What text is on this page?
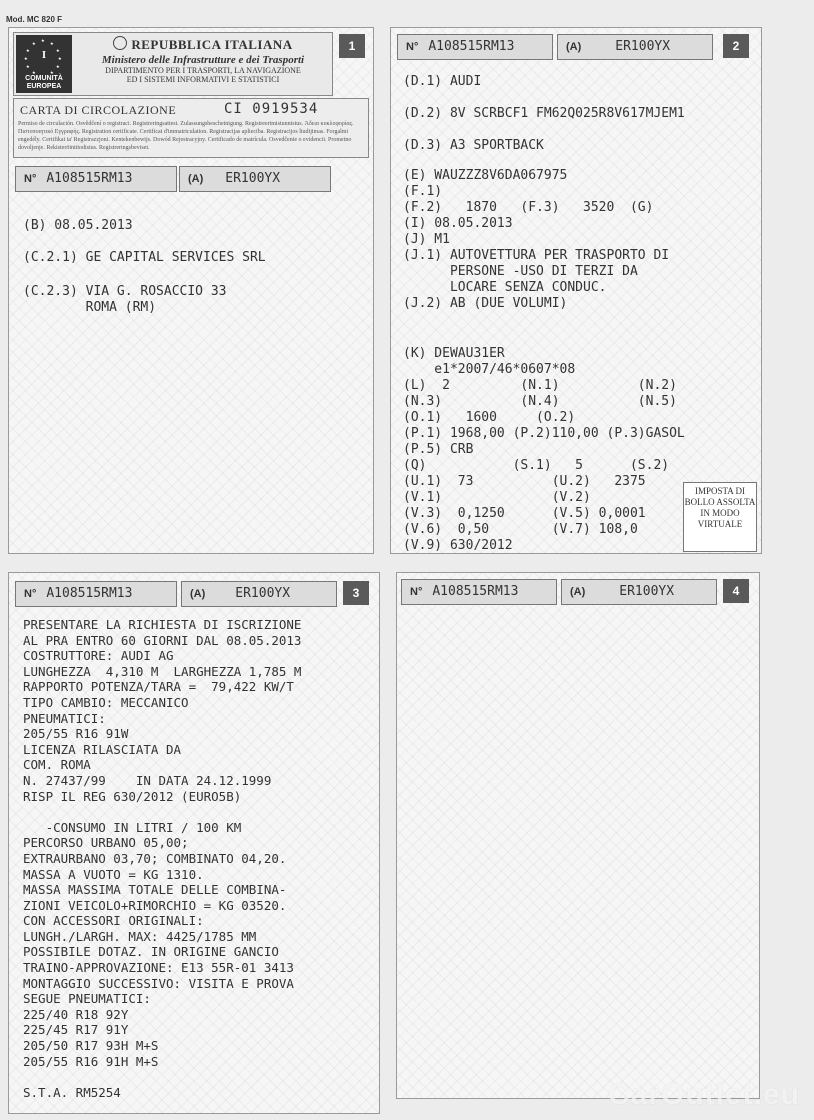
Mod. MC 820 F
★ ★
★
★
★
★
★
★
★
★
★
I
COMUNITÀ EUROPEA
REPUBBLICA ITALIANA
Ministero delle Infrastrutture e dei Trasporti
DIPARTIMENTO PER I TRASPORTI, LA NAVIGAZIONE
ED I SISTEMI INFORMATIVI E STATISTICI
1
CARTA DI CIRCOLAZIONE	CI 0919534
Permiso de circulación. Osvědčení o registraci. Registreringsattest. Zulassungsbescheinigung. Registreerimistunnistus. Άδεια κυκλοφορίας. Πιστοποιητικό Εγγραφής. Registration certificate. Certificat d'immatriculation. Registracijas apliecība. Registracijos liudijimas. Forgalmi engedély. Certifikat ta' Registrazzjoni. Kentekenbewijs. Dowód Rejestracyjny. Certificado de matrícula. Osvedčenie o evidencii. Prometno dovoljenje. Rekisteröintitodistus. Registreringsbeviset.
N° A108515RM13	(A) ER100YX
(B) 08.05.2013
(C.2.1) GE CAPITAL SERVICES SRL
(C.2.3) VIA G. ROSACCIO 33
ROMA (RM)
N° A108515RM13	(A)	ER100YX	2
(D.1) AUDI
(D.2) 8V SCRBCF1 FM62Q025R8V617MJEM1
(D.3) A3 SPORTBACK
(E) WAUZZZ8V6DA067975
(F.1)
(F.2)   1870   (F.3)   3520  (G)
(I) 08.05.2013
(J) M1
(J.1) AUTOVETTURA PER TRASPORTO DI
PERSONE -USO DI TERZI DA
LOCARE SENZA CONDUC.
(J.2) AB (DUE VOLUMI)
(K) DEWAU31ER
e1*2007/46*0607*08
(L)  2         (N.1)          (N.2)
(N.3)          (N.4)          (N.5)
(O.1)   1600     (O.2)
(P.1) 1968,00 (P.2)110,00 (P.3)GASOL
(P.5) CRB
(Q)           (S.1)   5      (S.2)
(U.1)  73          (U.2)   2375
(V.1)              (V.2)
(V.3)  0,1250      (V.5) 0,0001
(V.6)  0,50        (V.7) 108,0
(V.9) 630/2012
IMPOSTA DI BOLLO ASSOLTA IN MODO VIRTUALE
N° A108515RM13	(A) ER100YX	3
PRESENTARE LA RICHIESTA DI ISCRIZIONE
AL PRA ENTRO 60 GIORNI DAL 08.05.2013
COSTRUTTORE: AUDI AG
LUNGHEZZA  4,310 M  LARGHEZZA 1,785 M
RAPPORTO POTENZA/TARA =  79,422 KW/T
TIPO CAMBIO: MECCANICO
PNEUMATICI:
205/55 R16 91W
LICENZA RILASCIATA DA
COM. ROMA
N. 27437/99    IN DATA 24.12.1999
RISP IL REG 630/2012 (EURO5B)
-CONSUMO IN LITRI / 100 KM
PERCORSO URBANO 05,00;
EXTRAURBANO 03,70; COMBINATO 04,20.
MASSA A VUOTO = KG 1310.
MASSA MASSIMA TOTALE DELLE COMBINA-
ZIONI VEICOLO+RIMORCHIO = KG 03520.
CON ACCESSORI ORIGINALI:
LUNGH./LARGH. MAX: 4425/1785 MM
POSSIBILE DOTAZ. IN ORIGINE GANCIO
TRAINO-APPROVAZIONE: E13 55R-01 3413
MONTAGGIO SUCCESSIVO: VISITA E PROVA
SEGUE PNEUMATICI:
225/40 R18 92Y
225/45 R17 91Y
205/50 R17 93H M+S
205/55 R16 91H M+S
S.T.A. RM5254
N° A108515RM13	(A)	ER100YX	4
CarOutlet.eu
